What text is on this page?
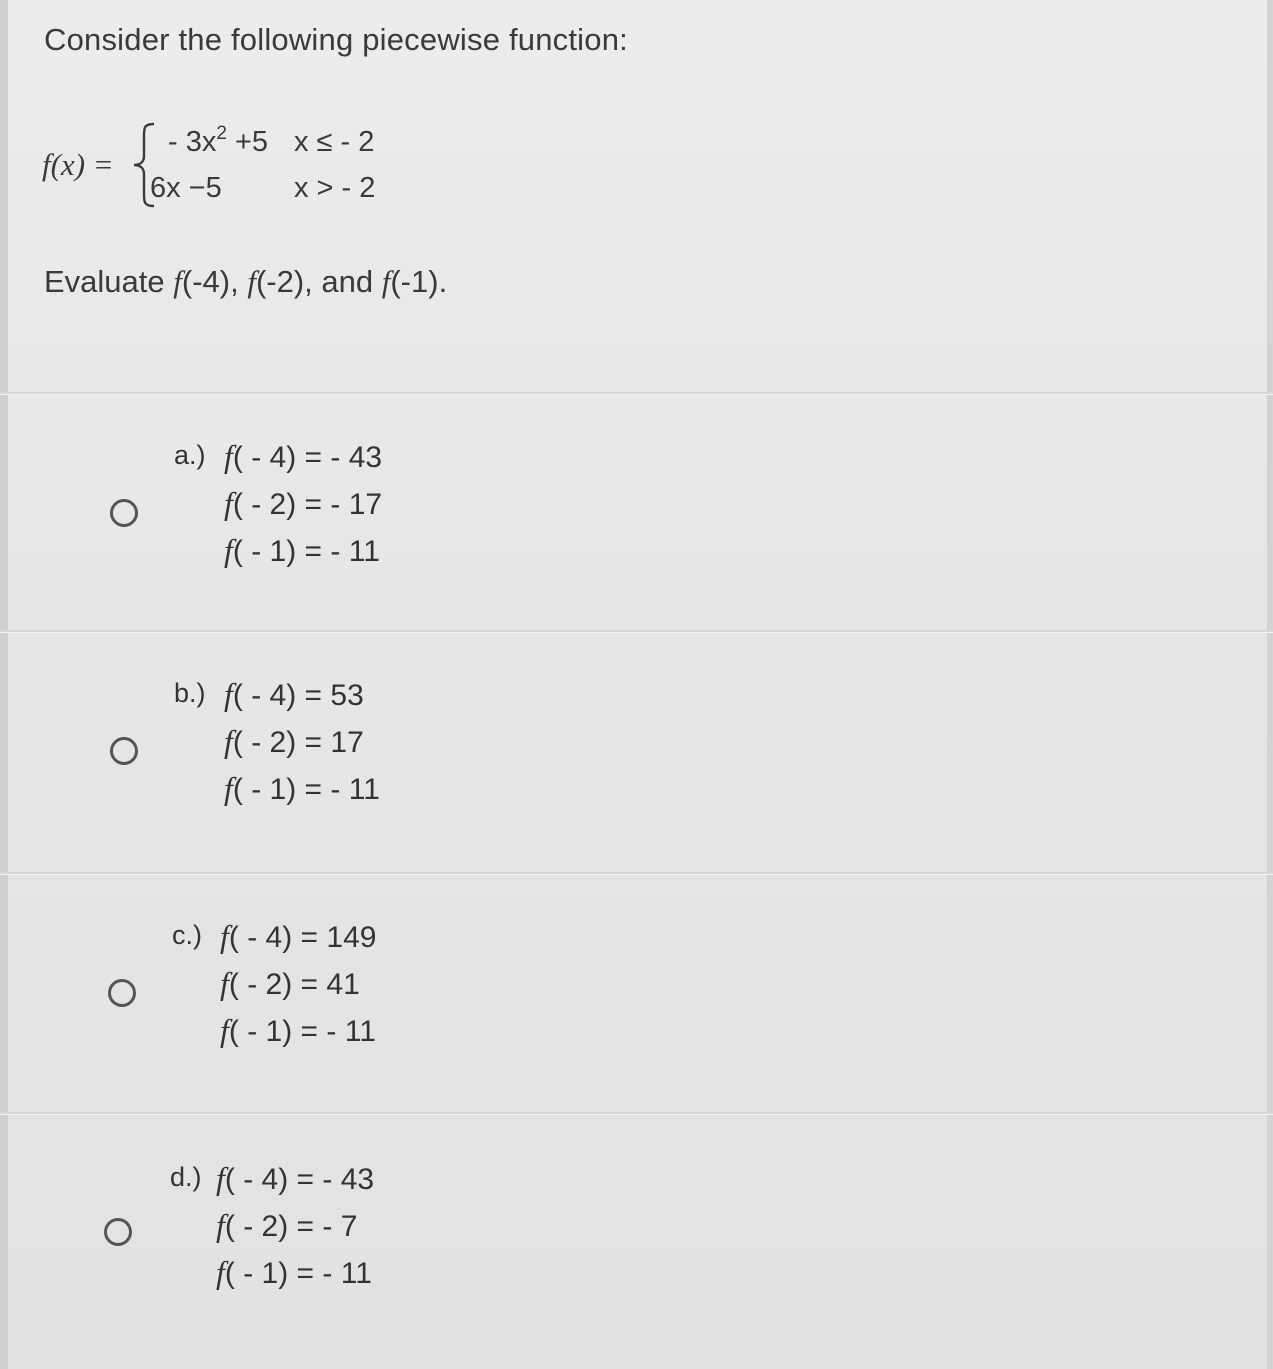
Consider the following piecewise function:
f(x) =
- $3x^2 +5$ x ≤ - 2
6x −5 x > - 2
Evaluate f(-4), f(-2), and f(-1).
a.) f( - 4) = - 43
f( - 2) = - 17
f( - 1) = - 11
b.) f( - 4) = 53
f( - 2) = 17
f( - 1) = - 11
c.) f( - 4) = 149
f( - 2) = 41
f( - 1) = - 11
d.) f( - 4) = - 43
f( - 2) = - 7
f( - 1) = - 11
